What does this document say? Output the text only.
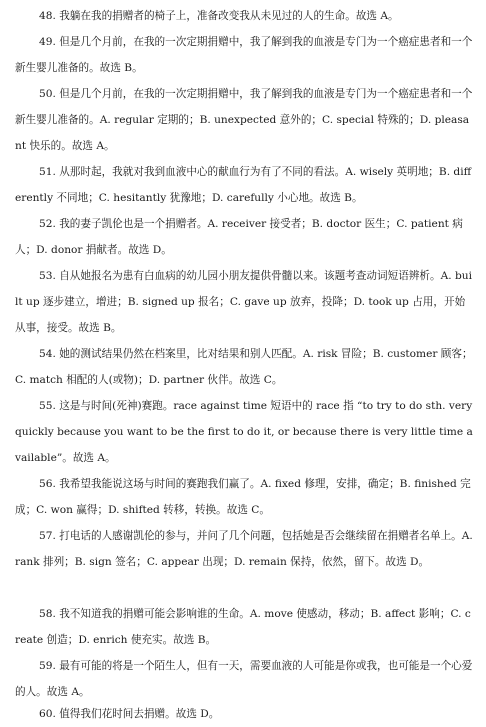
48. 我躺在我的捐赠者的椅子上，准备改变我从未见过的人的生命。故选 A。

49. 但是几个月前，在我的一次定期捐赠中，我了解到我的血液是专门为一个癌症患者和一个新生婴儿准备的。故选 B。

50. 但是几个月前，在我的一次定期捐赠中，我了解到我的血液是专门为一个癌症患者和一个新生婴儿准备的。A. regular 定期的；B. unexpected 意外的；C. special 特殊的；D. pleasant 快乐的。故选 A。

51. 从那时起，我就对我到血液中心的献血行为有了不同的看法。A. wisely 英明地；B. differently 不同地；C. hesitantly 犹豫地；D. carefully 小心地。故选 B。

52. 我的妻子凯伦也是一个捐赠者。A. receiver 接受者；B. doctor 医生；C. patient 病人；D. donor 捐献者。故选 D。

53. 自从她报名为患有白血病的幼儿园小朋友提供骨髓以来。该题考查动词短语辨析。A. built up 逐步建立，增进；B. signed up 报名；C. gave up 放弃，投降；D. took up 占用，开始从事，接受。故选 B。

54. 她的测试结果仍然在档案里，比对结果和别人匹配。A. risk 冒险；B. customer 顾客；C. match 相配的人(或物)；D. partner 伙伴。故选 C。

55. 这是与时间(死神)赛跑。race against time 短语中的 race 指 “to try to do sth. very quickly because you want to be the first to do it, or because there is very little time available”。故选 A。

56. 我希望我能说这场与时间的赛跑我们赢了。A. fixed 修理，安排，确定；B. finished 完成；C. won 赢得；D. shifted 转移，转换。故选 C。

57. 打电话的人感谢凯伦的参与，并问了几个问题，包括她是否会继续留在捐赠者名单上。A. rank 排列；B. sign 签名；C. appear 出现；D. remain 保持，依然，留下。故选 D。

58. 我不知道我的捐赠可能会影响谁的生命。A. move 使感动，移动；B. affect 影响；C. create 创造；D. enrich 使充实。故选 B。

59. 最有可能的将是一个陌生人，但有一天，需要血液的人可能是你或我，也可能是一个心爱的人。故选 A。

60. 值得我们花时间去捐赠。故选 D。
